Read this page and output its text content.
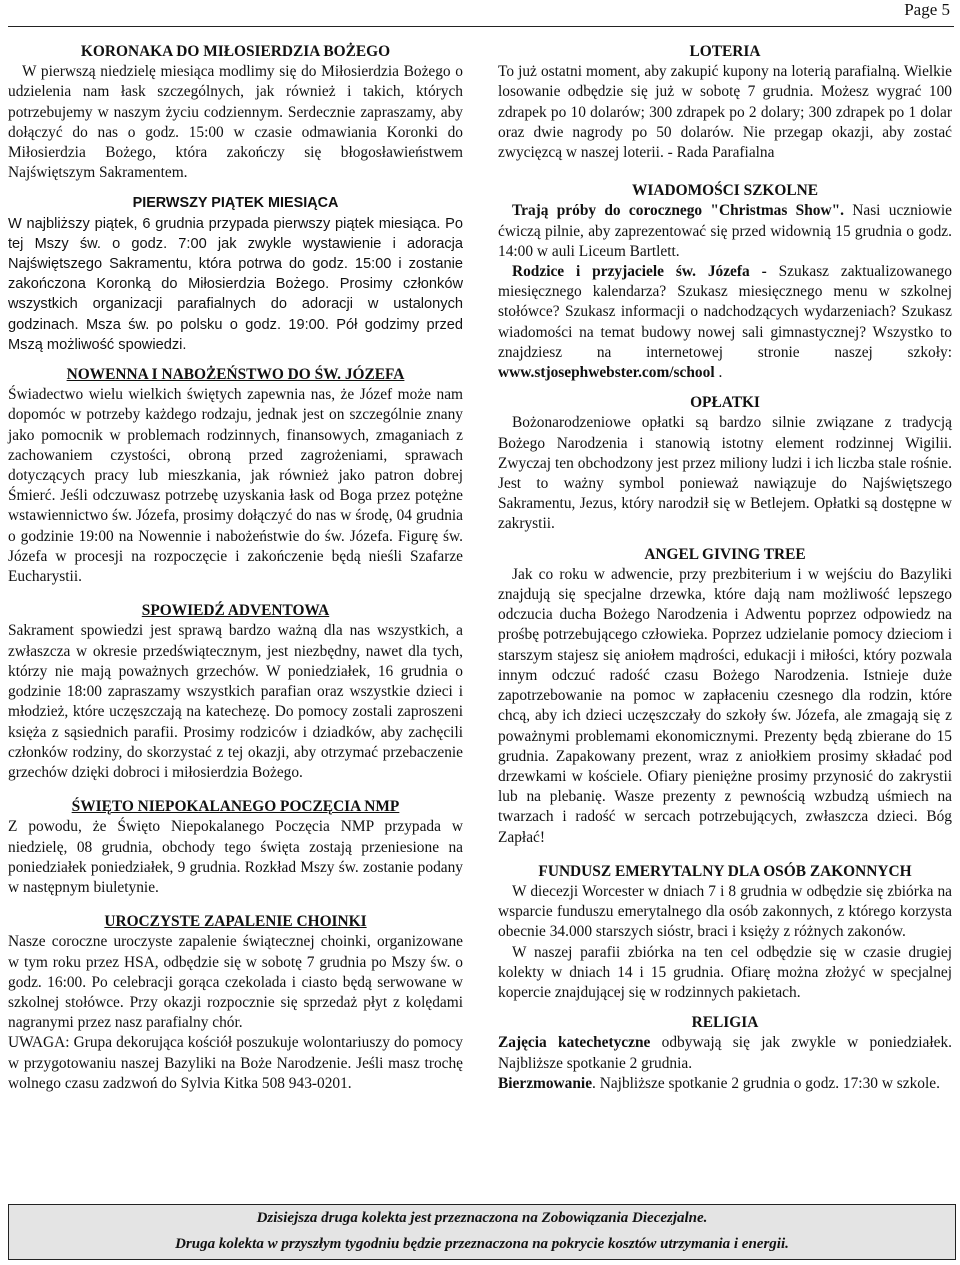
Page 5
KORONAKA DO MIŁOSIERDZIA BOŻEGO

W pierwszą niedzielę miesiąca modlimy się do Miłosierdzia Bożego o udzielenia nam łask szczególnych, jak również i takich, których potrzebujemy w naszym życiu codziennym. Serdecznie zapraszamy, aby dołączyć do nas o godz. 15:00 w czasie odmawiania Koronki do Miłosierdzia Bożego, która zakończy się błogosławieństwem Najświętszym Sakramentem.

PIERWSZY PIĄTEK MIESIĄCA

W najbliższy piątek, 6 grudnia przypada pierwszy piątek miesiąca. Po tej Mszy św. o godz. 7:00 jak zwykle wystawienie i adoracja Najświętszego Sakramentu, która potrwa do godz. 15:00 i zostanie zakończona Koronką do Miłosierdzia Bożego. Prosimy członków wszystkich organizacji parafialnych do adoracji w ustalonych godzinach. Msza św. po polsku o godz. 19:00. Pół godzimy przed Mszą możliwość spowiedzi.

NOWENNA I NABOŻEŃSTWO DO ŚW. JÓZEFA

Świadectwo wielu wielkich świętych zapewnia nas, że Józef może nam dopomóc w potrzeby każdego rodzaju, jednak jest on szczególnie znany jako pomocnik w problemach rodzinnych, finansowych, zmaganiach z zachowaniem czystości, obroną przed zagrożeniami, sprawach dotyczących pracy lub mieszkania, jak również jako patron dobrej Śmierć. Jeśli odczuwasz potrzebę uzyskania łask od Boga przez potężne wstawiennictwo św. Józefa, prosimy dołączyć do nas w środę, 04 grudnia o godzinie 19:00 na Nowennie i nabożeństwie do św. Józefa. Figurę św. Józefa w procesji na rozpoczęcie i zakończenie będą nieśli Szafarze Eucharystii.

SPOWIEDŹ ADVENTOWA

Sakrament spowiedzi jest sprawą bardzo ważną dla nas wszystkich, a zwłaszcza w okresie przedświątecznym, jest niezbędny, nawet dla tych, którzy nie mają poważnych grzechów. W poniedziałek, 16 grudnia o godzinie 18:00 zapraszamy wszystkich parafian oraz wszystkie dzieci i młodzież, które uczęszczają na katechezę. Do pomocy zostali zaproszeni księża z sąsiednich parafii. Prosimy rodziców i dziadków, aby zachęcili członków rodziny, do skorzystać z tej okazji, aby otrzymać przebaczenie grzechów dzięki dobroci i miłosierdzia Bożego.

ŚWIĘTO NIEPOKALANEGO POCZĘCIA NMP

Z powodu, że Święto Niepokalanego Poczęcia NMP przypada w niedzielę, 08 grudnia, obchody tego święta zostają przeniesione na poniedziałek poniedziałek, 9 grudnia. Rozkład Mszy św. zostanie podany w następnym biuletynie.

UROCZYSTE ZAPALENIE CHOINKI

Nasze coroczne uroczyste zapalenie świątecznej choinki, organizowane w tym roku przez HSA, odbędzie się w sobotę 7 grudnia po Mszy św. o godz. 16:00. Po celebracji gorąca czekolada i ciasto będą serwowane w szkolnej stołówce. Przy okazji rozpocznie się sprzedaż płyt z kolędami nagranymi przez nasz parafialny chór.

UWAGA: Grupa dekorująca kościół poszukuje wolontariuszy do pomocy w przygotowaniu naszej Bazyliki na Boże Narodzenie. Jeśli masz trochę wolnego czasu zadzwoń do Sylvia Kitka 508 943-0201.

LOTERIA

To już ostatni moment, aby zakupić kupony na loterią parafialną. Wielkie losowanie odbędzie się już w sobotę 7 grudnia. Możesz wygrać 100 zdrapek po 10 dolarów; 300 zdrapek po 2 dolary; 300 zdrapek po 1 dolar oraz dwie nagrody po 50 dolarów. Nie przegap okazji, aby zostać zwycięzcą w naszej loterii. - Rada Parafialna

WIADOMOŚCI SZKOLNE

Trają próby do corocznego "Christmas Show". Nasi uczniowie ćwiczą pilnie, aby zaprezentować się przed widownią 15 grudnia o godz. 14:00 w auli Liceum Bartlett.

Rodzice i przyjaciele św. Józefa - Szukasz zaktualizowanego miesięcznego kalendarza? Szukasz miesięcznego menu w szkolnej stołówce? Szukasz informacji o nadchodzących wydarzeniach? Szukasz wiadomości na temat budowy nowej sali gimnastycznej? Wszystko to znajdziesz na internetowej stronie naszej szkoły: www.stjosephwebster.com/school .

OPŁATKI

Bożonarodzeniowe opłatki są bardzo silnie związane z tradycją Bożego Narodzenia i stanowią istotny element rodzinnej Wigilii. Zwyczaj ten obchodzony jest przez miliony ludzi i ich liczba stale rośnie. Jest to ważny symbol ponieważ nawiązuje do Najświętszego Sakramentu, Jezus, który narodził się w Betlejem. Opłatki są dostępne w zakrystii.

ANGEL GIVING TREE

Jak co roku w adwencie, przy prezbiterium i w wejściu do Bazyliki znajdują się specjalne drzewka, które dają nam możliwość lepszego odczucia ducha Bożego Narodzenia i Adwentu poprzez odpowiedz na prośbę potrzebującego człowieka. Poprzez udzielanie pomocy dzieciom i starszym stajesz się aniołem mądrości, edukacji i miłości, który pozwala innym odczuć radość czasu Bożego Narodzenia. Istnieje duże zapotrzebowanie na pomoc w zapłaceniu czesnego dla rodzin, które chcą, aby ich dzieci uczęszczały do szkoły św. Józefa, ale zmagają się z poważnymi problemami ekonomicznymi. Prezenty będą zbierane do 15 grudnia. Zapakowany prezent, wraz z aniołkiem prosimy składać pod drzewkami w kościele. Ofiary pieniężne prosimy przynosić do zakrystii lub na plebanię. Wasze prezenty z pewnością wzbudzą uśmiech na twarzach i radość w sercach potrzebujących, zwłaszcza dzieci. Bóg Zapłać!

FUNDUSZ EMERYTALNY DLA OSÓB ZAKONNYCH

W diecezji Worcester w dniach 7 i 8 grudnia w odbędzie się zbiórka na wsparcie funduszu emerytalnego dla osób zakonnych, z którego korzysta obecnie 34.000 starszych sióstr, braci i księży z różnych zakonów.

W naszej parafii zbiórka na ten cel odbędzie się w czasie drugiej kolekty w dniach 14 i 15 grudnia. Ofiarę można złożyć w specjalnej kopercie znajdującej się w rodzinnych pakietach.

RELIGIA

Zajęcia katechetyczne odbywają się jak zwykle w poniedziałek. Najbliższe spotkanie 2 grudnia.

Bierzmowanie. Najbliższe spotkanie 2 grudnia o godz. 17:30 w szkole.

Dzisiejsza druga kolekta jest przeznaczona na Zobowiązania Diecezjalne.
Druga kolekta w przyszłym tygodniu będzie przeznaczona na pokrycie kosztów utrzymania i energii.
